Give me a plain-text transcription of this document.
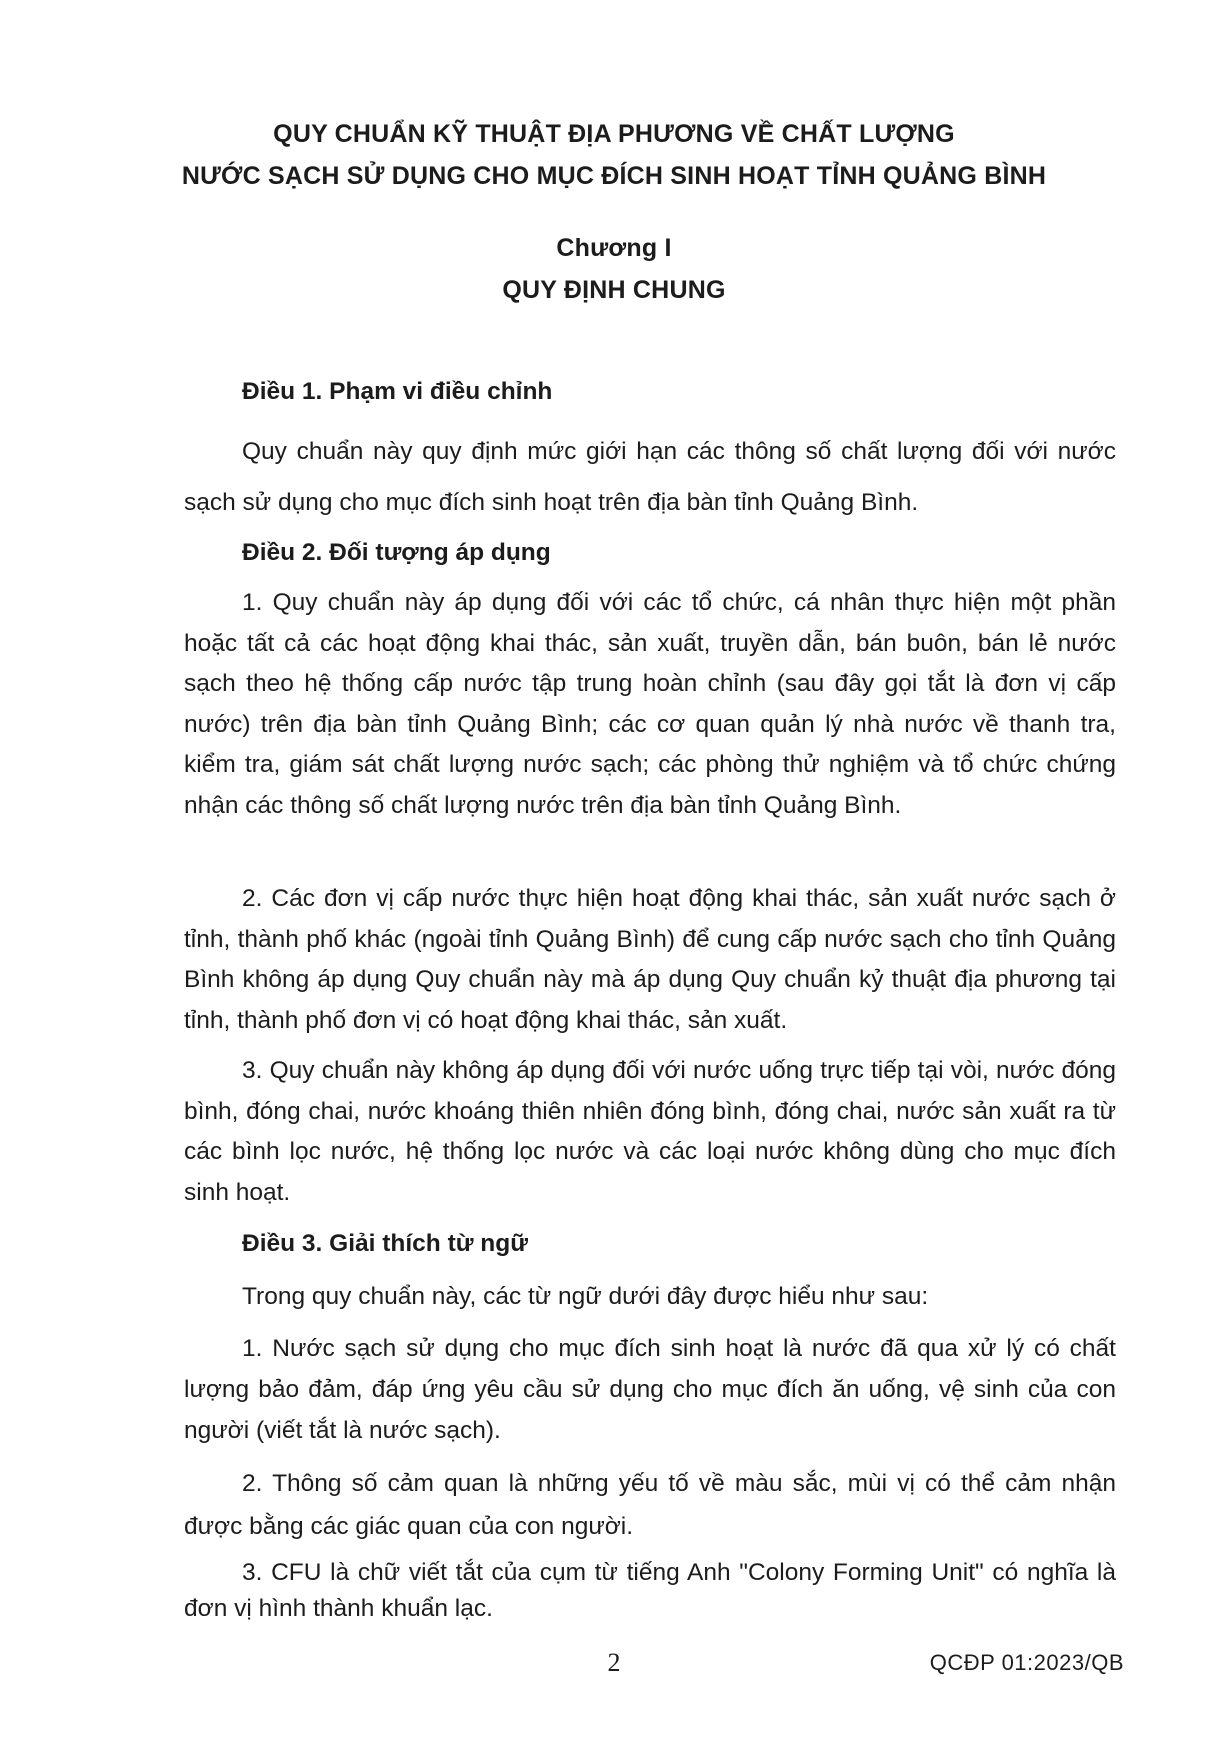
QUY CHUẨN KỸ THUẬT ĐỊA PHƯƠNG VỀ CHẤT LƯỢNG
NƯỚC SẠCH SỬ DỤNG CHO MỤC ĐÍCH SINH HOẠT TỈNH QUẢNG BÌNH
Chương I
QUY ĐỊNH CHUNG
Điều 1. Phạm vi điều chỉnh
Quy chuẩn này quy định mức giới hạn các thông số chất lượng đối với nước sạch sử dụng cho mục đích sinh hoạt trên địa bàn tỉnh Quảng Bình.
Điều 2. Đối tượng áp dụng
1. Quy chuẩn này áp dụng đối với các tổ chức, cá nhân thực hiện một phần hoặc tất cả các hoạt động khai thác, sản xuất, truyền dẫn, bán buôn, bán lẻ nước sạch theo hệ thống cấp nước tập trung hoàn chỉnh (sau đây gọi tắt là đơn vị cấp nước) trên địa bàn tỉnh Quảng Bình; các cơ quan quản lý nhà nước về thanh tra, kiểm tra, giám sát chất lượng nước sạch; các phòng thử nghiệm và tổ chức chứng nhận các thông số chất lượng nước trên địa bàn tỉnh Quảng Bình.
2. Các đơn vị cấp nước thực hiện hoạt động khai thác, sản xuất nước sạch ở tỉnh, thành phố khác (ngoài tỉnh Quảng Bình) để cung cấp nước sạch cho tỉnh Quảng Bình không áp dụng Quy chuẩn này mà áp dụng Quy chuẩn kỷ thuật địa phương tại tỉnh, thành phố đơn vị có hoạt động khai thác, sản xuất.
3. Quy chuẩn này không áp dụng đối với nước uống trực tiếp tại vòi, nước đóng bình, đóng chai, nước khoáng thiên nhiên đóng bình, đóng chai, nước sản xuất ra từ các bình lọc nước, hệ thống lọc nước và các loại nước không dùng cho mục đích sinh hoạt.
Điều 3. Giải thích từ ngữ
Trong quy chuẩn này, các từ ngữ dưới đây được hiểu như sau:
1. Nước sạch sử dụng cho mục đích sinh hoạt là nước đã qua xử lý có chất lượng bảo đảm, đáp ứng yêu cầu sử dụng cho mục đích ăn uống, vệ sinh của con người (viết tắt là nước sạch).
2. Thông số cảm quan là những yếu tố về màu sắc, mùi vị có thể cảm nhận được bằng các giác quan của con người.
3. CFU là chữ viết tắt của cụm từ tiếng Anh "Colony Forming Unit" có nghĩa là đơn vị hình thành khuẩn lạc.
2	QCĐP 01:2023/QB
